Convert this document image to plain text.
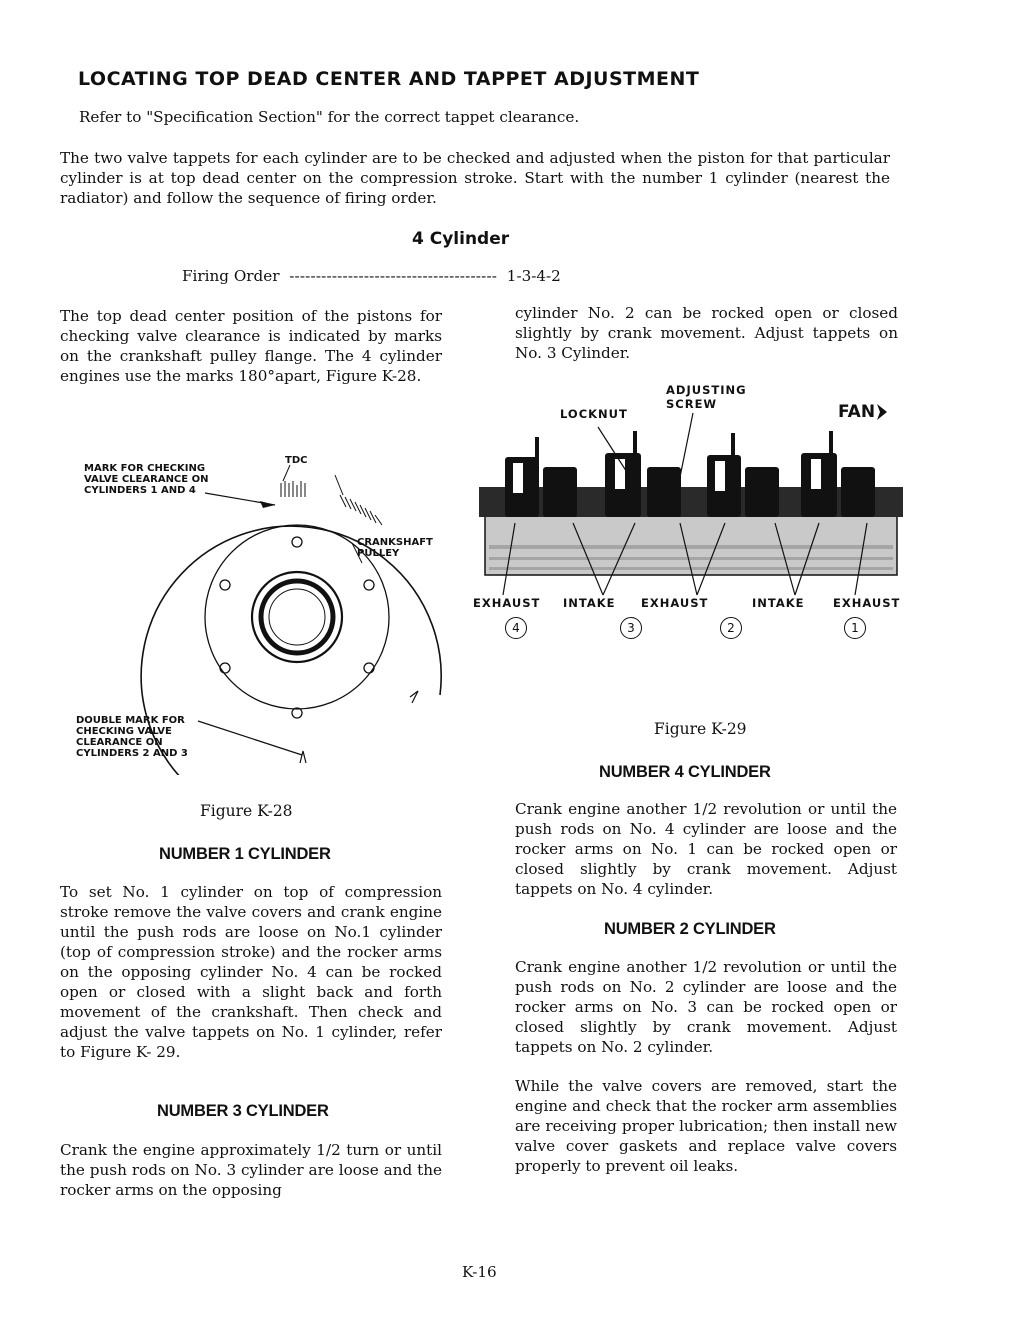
LOCATING TOP DEAD CENTER AND TAPPET ADJUSTMENT
Refer to "Specification Section" for the correct tappet clearance.
The two valve tappets for each cylinder are to be checked and adjusted when the piston for that particular cylinder is at top dead center on the compression stroke. Start with the number 1 cylinder (nearest the radiator) and follow the sequence of firing order.
4 Cylinder
Firing Order --------------------------------------- 1-3-4-2
The top dead center position of the pistons for checking valve clearance is indicated by marks on the crankshaft pulley flange. The 4 cylinder engines use the marks 180°apart, Figure K-28.
cylinder No. 2 can be rocked open or closed slightly by crank movement. Adjust tappets on No. 3 Cylinder.
MARK FOR CHECKING
VALVE CLEARANCE ON
CYLINDERS 1 AND 4
TDC
CRANKSHAFT
PULLEY
DOUBLE MARK FOR
CHECKING VALVE
CLEARANCE ON
CYLINDERS 2 AND 3
Figure K-28
LOCKNUT
ADJUSTING
SCREW	FAN
EXHAUST INTAKE EXHAUST	INTAKE EXHAUST
4	3	2	1
Figure K-29
NUMBER 1 CYLINDER
To set No. 1 cylinder on top of compression stroke remove the valve covers and crank engine until the push rods are loose on No.1 cylinder (top of compression stroke) and the rocker arms on the opposing cylinder No. 4 can be rocked open or closed with a slight back and forth movement of the crankshaft. Then check and adjust the valve tappets on No. 1 cylinder, refer to Figure K- 29.
NUMBER 3 CYLINDER
Crank the engine approximately 1/2 turn or until the push rods on No. 3 cylinder are loose and the rocker arms on the opposing
NUMBER 4 CYLINDER
Crank engine another 1/2 revolution or until the push rods on No. 4 cylinder are loose and the rocker arms on No. 1 can be rocked open or closed slightly by crank movement. Adjust tappets on No. 4 cylinder.
NUMBER 2 CYLINDER
Crank engine another 1/2 revolution or until the push rods on No. 2 cylinder are loose and the rocker arms on No. 3 can be rocked open or closed slightly by crank movement. Adjust tappets on No. 2 cylinder.
While the valve covers are removed, start the engine and check that the rocker arm assemblies are receiving proper lubrication; then install new valve cover gaskets and replace valve covers properly to prevent oil leaks.
K-16
